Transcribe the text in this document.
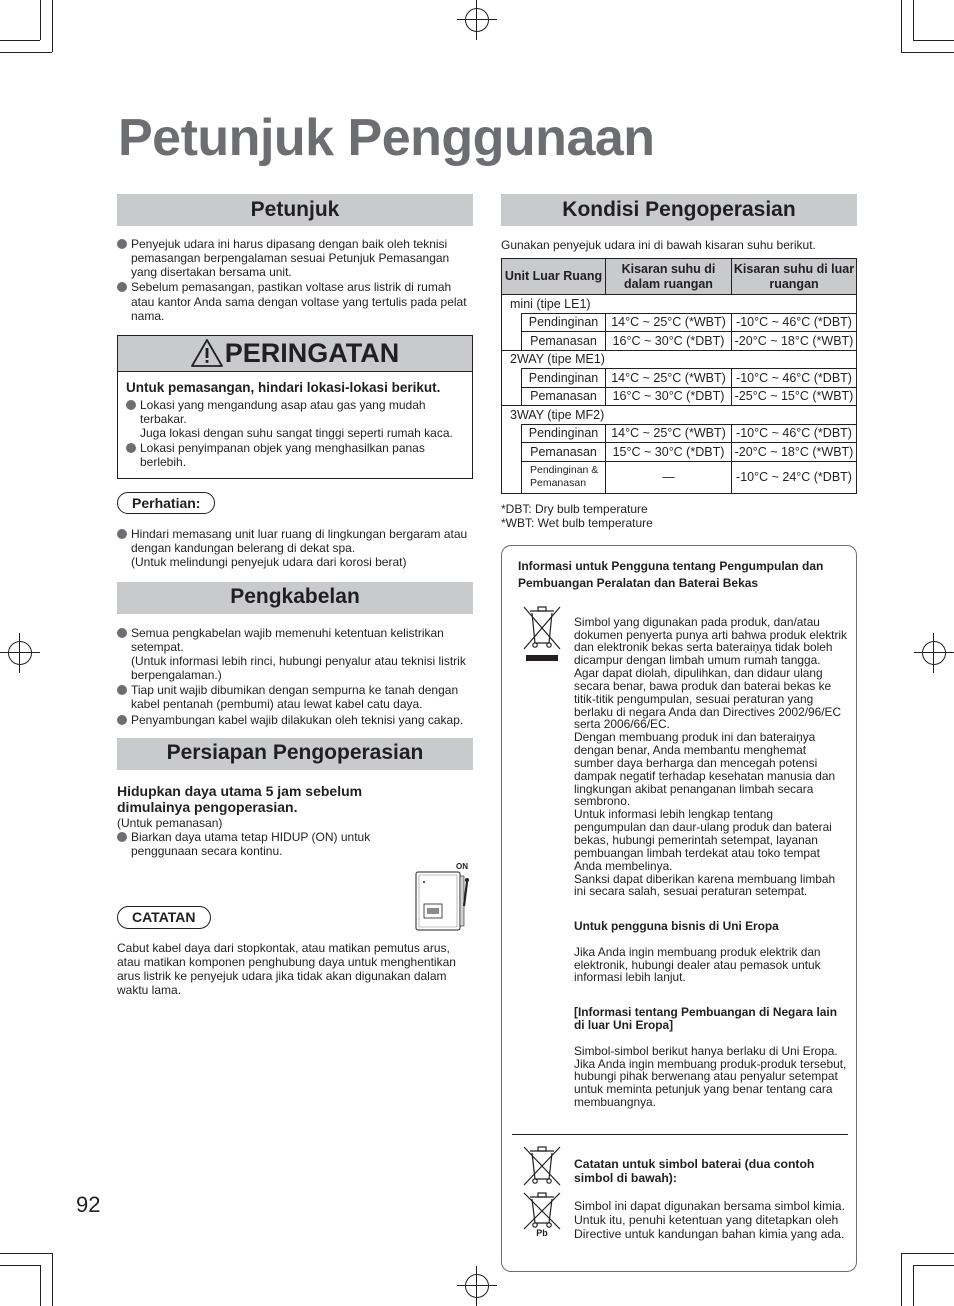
Petunjuk Penggunaan
Petunjuk
Penyejuk udara ini harus dipasang dengan baik oleh teknisi pemasangan berpengalaman sesuai Petunjuk Pemasangan yang disertakan bersama unit.
Sebelum pemasangan, pastikan voltase arus listrik di rumah atau kantor Anda sama dengan voltase yang tertulis pada pelat nama.
PERINGATAN
Untuk pemasangan, hindari lokasi-lokasi berikut.
Lokasi yang mengandung asap atau gas yang mudah terbakar.
Juga lokasi dengan suhu sangat tinggi seperti rumah kaca.
Lokasi penyimpanan objek yang menghasilkan panas berlebih.
Perhatian:
Hindari memasang unit luar ruang di lingkungan bergaram atau dengan kandungan belerang di dekat spa.
(Untuk melindungi penyejuk udara dari korosi berat)
Pengkabelan
Semua pengkabelan wajib memenuhi ketentuan kelistrikan setempat.
(Untuk informasi lebih rinci, hubungi penyalur atau teknisi listrik berpengalaman.)
Tiap unit wajib dibumikan dengan sempurna ke tanah dengan kabel pentanah (pembumi) atau lewat kabel catu daya.
Penyambungan kabel wajib dilakukan oleh teknisi yang cakap.
Persiapan Pengoperasian
Hidupkan daya utama 5 jam sebelum dimulainya pengoperasian.
(Untuk pemanasan)
Biarkan daya utama tetap HIDUP (ON) untuk penggunaan secara kontinu.
CATATAN
Cabut kabel daya dari stopkontak, atau matikan pemutus arus, atau matikan komponen penghubung daya untuk menghentikan arus listrik ke penyejuk udara jika tidak akan digunakan dalam waktu lama.
ON
Kondisi Pengoperasian
Gunakan penyejuk udara ini di bawah kisaran suhu berikut.
Unit Luar Ruang		Kisaran suhu di dalam ruangan	Kisaran suhu di luar ruangan
mini (tipe LE1)			
	Pendinginan	14°C ~ 25°C (*WBT)	-10°C ~ 46°C (*DBT)
	Pemanasan	16°C ~ 30°C (*DBT)	-20°C ~ 18°C (*WBT)
2WAY (tipe ME1)			
	Pendinginan	14°C ~ 25°C (*WBT)	-10°C ~ 46°C (*DBT)
	Pemanasan	16°C ~ 30°C (*DBT)	-25°C ~ 15°C (*WBT)
3WAY (tipe MF2)			
	Pendinginan	14°C ~ 25°C (*WBT)	-10°C ~ 46°C (*DBT)
	Pemanasan	15°C ~ 30°C (*DBT)	-20°C ~ 18°C (*WBT)
	Pendinginan & Pemanasan	—	-10°C ~ 24°C (*DBT)
*DBT: Dry bulb temperature
*WBT: Wet bulb temperature
Informasi untuk Pengguna tentang Pengumpulan dan Pembuangan Peralatan dan Baterai Bekas

Simbol yang digunakan pada produk, dan/atau dokumen penyerta punya arti bahwa produk elektrik dan elektronik bekas serta bateraiņya tidak boleh dicampur dengan limbah umum rumah tangga.
Agar dapat diolah, dipulihkan, dan didaur ulang secara benar, bawa produk dan baterai bekas ke titik-titik pengumpulan, sesuai peraturan yang berlaku di negara Anda dan Directives 2002/96/EC serta 2006/66/EC.
Dengan membuang produk ini dan bateraiņya dengan benar, Anda membantu menghemat sumber daya berharga dan mencegah potensi dampak negatif terhadap kesehatan manusia dan lingkungan akibat penanganan limbah secara sembrono.
Untuk informasi lebih lengkap tentang pengumpulan dan daur-ulang produk dan baterai bekas, hubungi pemerintah setempat, layanan pembuangan limbah terdekat atau toko tempat Anda membelinya.
Sanksi dapat diberikan karena membuang limbah ini secara salah, sesuai peraturan setempat.

Untuk pengguna bisnis di Uni Eropa

Jika Anda ingin membuang produk elektrik dan elektronik, hubungi dealer atau pemasok untuk informasi lebih lanjut.

[Informasi tentang Pembuangan di Negara lain di luar Uni Eropa]

Simbol-simbol berikut hanya berlaku di Uni Eropa. Jika Anda ingin membuang produk-produk tersebut, hubungi pihak berwenang atau penyalur setempat untuk meminta petunjuk yang benar tentang cara membuangnya.

Pb

Catatan untuk simbol baterai (dua contoh simbol di bawah):

Simbol ini dapat digunakan bersama simbol kimia. Untuk itu, penuhi ketentuan yang ditetapkan oleh Directive untuk kandungan bahan kimia yang ada.

92
